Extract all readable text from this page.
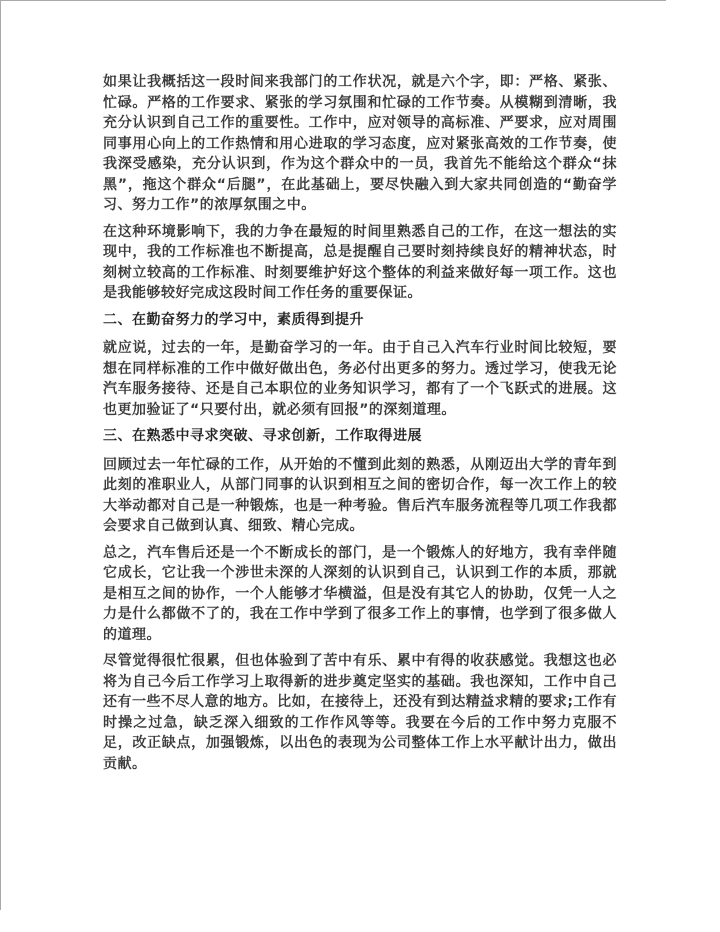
如果让我概括这一段时间来我部门的工作状况，就是六个字，即：严格、紧张、忙碌。严格的工作要求、紧张的学习氛围和忙碌的工作节奏。从模糊到清晰，我充分认识到自己工作的重要性。工作中，应对领导的高标准、严要求，应对周围同事用心向上的工作热情和用心进取的学习态度，应对紧张高效的工作节奏，使我深受感染，充分认识到，作为这个群众中的一员，我首先不能给这个群众“抹黑”，拖这个群众“后腿”，在此基础上，要尽快融入到大家共同创造的“勤奋学习、努力工作”的浓厚氛围之中。

在这种环境影响下，我的力争在最短的时间里熟悉自己的工作，在这一想法的实现中，我的工作标准也不断提高，总是提醒自己要时刻持续良好的精神状态，时刻树立较高的工作标准、时刻要维护好这个整体的利益来做好每一项工作。这也是我能够较好完成这段时间工作任务的重要保证。

二、在勤奋努力的学习中，素质得到提升

就应说，过去的一年，是勤奋学习的一年。由于自己入汽车行业时间比较短，要想在同样标准的工作中做好做出色，务必付出更多的努力。透过学习，使我无论汽车服务接待、还是自己本职位的业务知识学习，都有了一个飞跃式的进展。这也更加验证了“只要付出，就必须有回报”的深刻道理。

三、在熟悉中寻求突破、寻求创新，工作取得进展

回顾过去一年忙碌的工作，从开始的不懂到此刻的熟悉，从刚迈出大学的青年到此刻的准职业人，从部门同事的认识到相互之间的密切合作，每一次工作上的较大举动都对自己是一种锻炼，也是一种考验。售后汽车服务流程等几项工作我都会要求自己做到认真、细致、精心完成。

总之，汽车售后还是一个不断成长的部门，是一个锻炼人的好地方，我有幸伴随它成长，它让我一个涉世未深的人深刻的认识到自己，认识到工作的本质，那就是相互之间的协作，一个人能够才华横溢，但是没有其它人的协助，仅凭一人之力是什么都做不了的，我在工作中学到了很多工作上的事情，也学到了很多做人的道理。

尽管觉得很忙很累，但也体验到了苦中有乐、累中有得的收获感觉。我想这也必将为自己今后工作学习上取得新的进步奠定坚实的基础。我也深知，工作中自己还有一些不尽人意的地方。比如，在接待上，还没有到达精益求精的要求;工作有时操之过急，缺乏深入细致的工作作风等等。我要在今后的工作中努力克服不足，改正缺点，加强锻炼，以出色的表现为公司整体工作上水平献计出力，做出贡献。
